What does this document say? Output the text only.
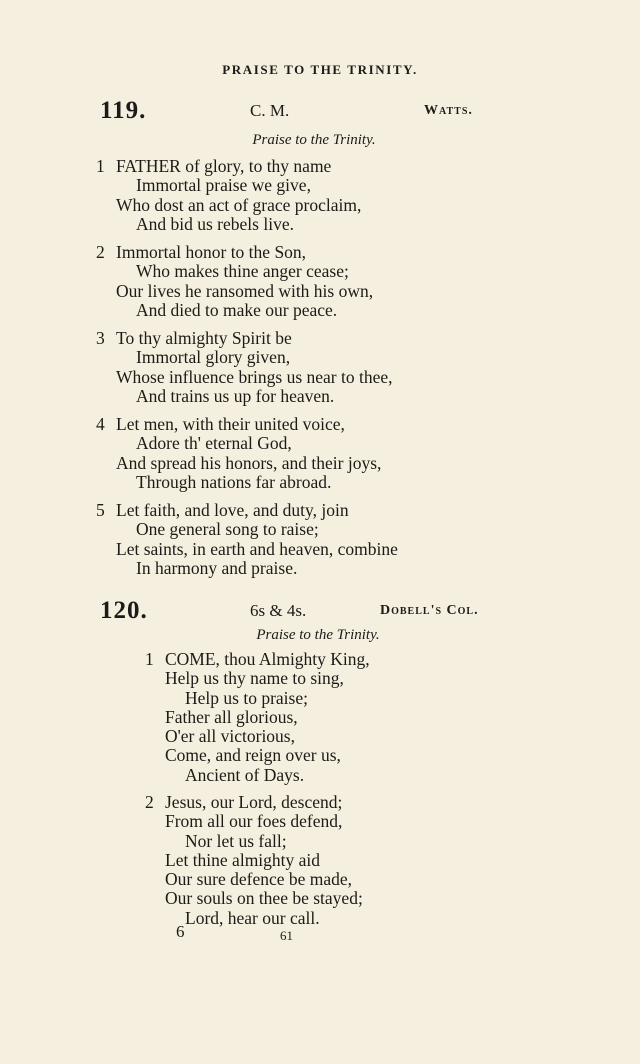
PRAISE TO THE TRINITY.
119.	C. M.	Watts.
Praise to the Trinity.
1 FATHER of glory, to thy name
Immortal praise we give,
Who dost an act of grace proclaim,
And bid us rebels live.
2 Immortal honor to the Son,
Who makes thine anger cease;
Our lives he ransomed with his own,
And died to make our peace.
3 To thy almighty Spirit be
Immortal glory given,
Whose influence brings us near to thee,
And trains us up for heaven.
4 Let men, with their united voice,
Adore th' eternal God,
And spread his honors, and their joys,
Through nations far abroad.
5 Let faith, and love, and duty, join
One general song to raise;
Let saints, in earth and heaven, combine
In harmony and praise.
120.	6s & 4s.	Dobell's Col.
Praise to the Trinity.
1 COME, thou Almighty King,
Help us thy name to sing,
Help us to praise;
Father all glorious,
O'er all victorious,
Come, and reign over us,
Ancient of Days.
2 Jesus, our Lord, descend;
From all our foes defend,
Nor let us fall;
Let thine almighty aid
Our sure defence be made,
Our souls on thee be stayed;
Lord, hear our call.
6	61
